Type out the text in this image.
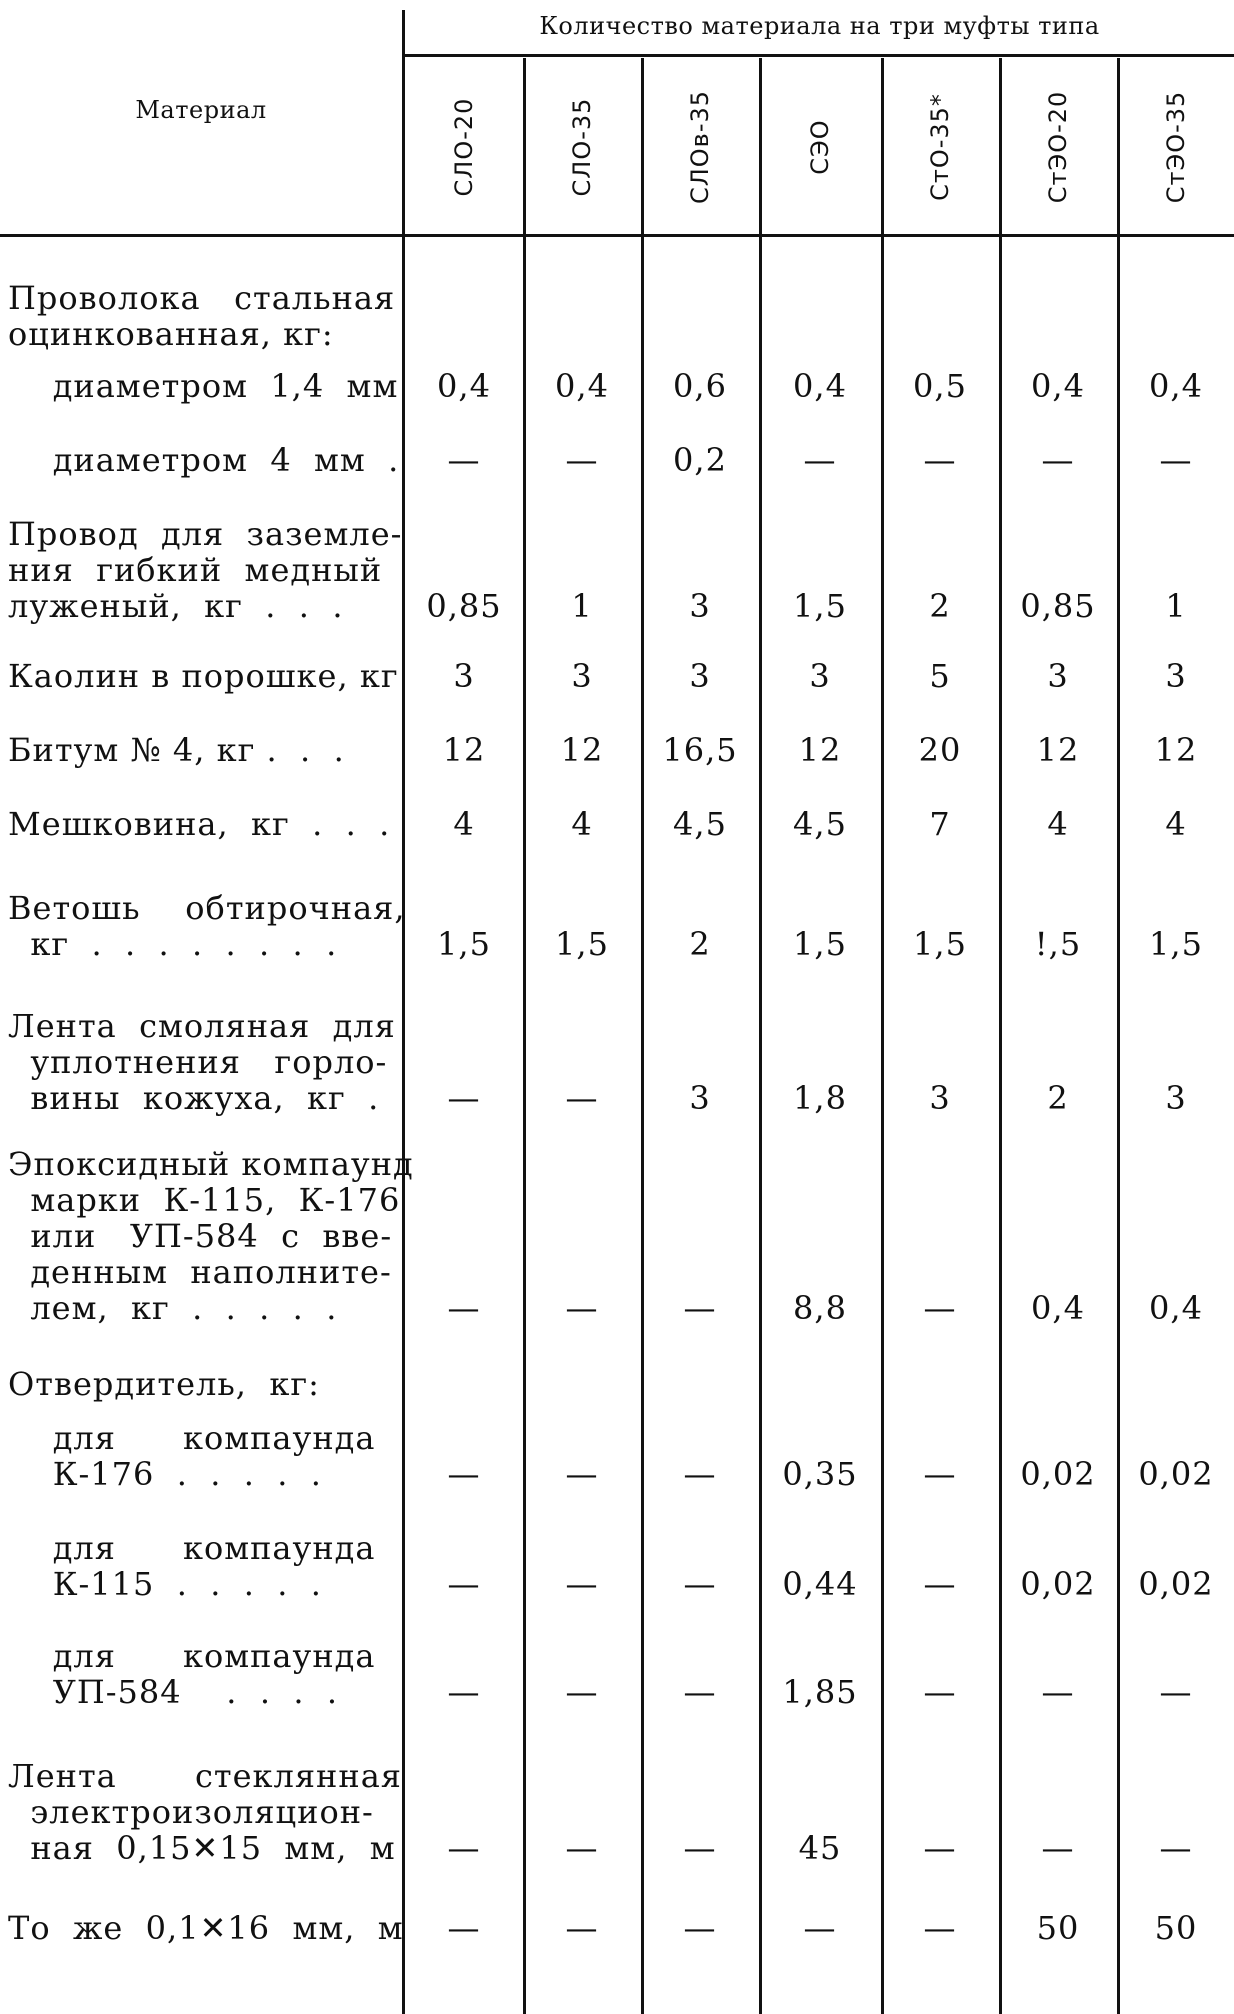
Материал
Количество материала на три муфты типа
СЛО-20	СЛО-35	СЛОв-35	СЭО	СтО-35*	СтЭО-20	СтЭО-35
Проволока   стальная
оцинкованная, кг:
диаметром  1,4  мм	0,4	0,4	0,6	0,4	0,5	0,4	0,4
диаметром  4  мм  .	—	—	0,2	—	—	—	—
Провод  для  заземле-
ния  гибкий  медный
луженый,  кг  .  .  .	0,85	1	3	1,5	2	0,85	1
Каолин в порошке, кг	3	3	3	3	5	3	3
Битум № 4, кг .  .  .	12	12	16,5	12	20	12	12
Мешковина,  кг  .  .  .	4	4	4,5	4,5	7	4	4
Ветошь    обтирочная,
кг  .  .  .  .  .  .  .  .	1,5	1,5	2	1,5	1,5	!,5	1,5
Лента  смоляная  для
уплотнения   горло-
вины  кожуха,  кг  .	—	—	3	1,8	3	2	3
Эпоксидный компаунд
марки  К-115,  К-176
или   УП-584  с  вве-
денным  наполните-
лем,  кг  .  .  .  .  .	—	—	—	8,8	—	0,4	0,4
Отвердитель,  кг:
для      компаунда
К-176  .  .  .  .  .	—	—	—	0,35	—	0,02	0,02
для      компаунда
К-115  .  .  .  .  .	—	—	—	0,44	—	0,02	0,02
для      компаунда
УП-584    .  .  .  .	—	—	—	1,85	—	—	—
Лента       стеклянная
электроизоляцион-
ная  0,15✕15  мм,  м	—	—	—	45	—	—	—
То  же  0,1✕16  мм,  м	—	—	—	—	—	50	50
